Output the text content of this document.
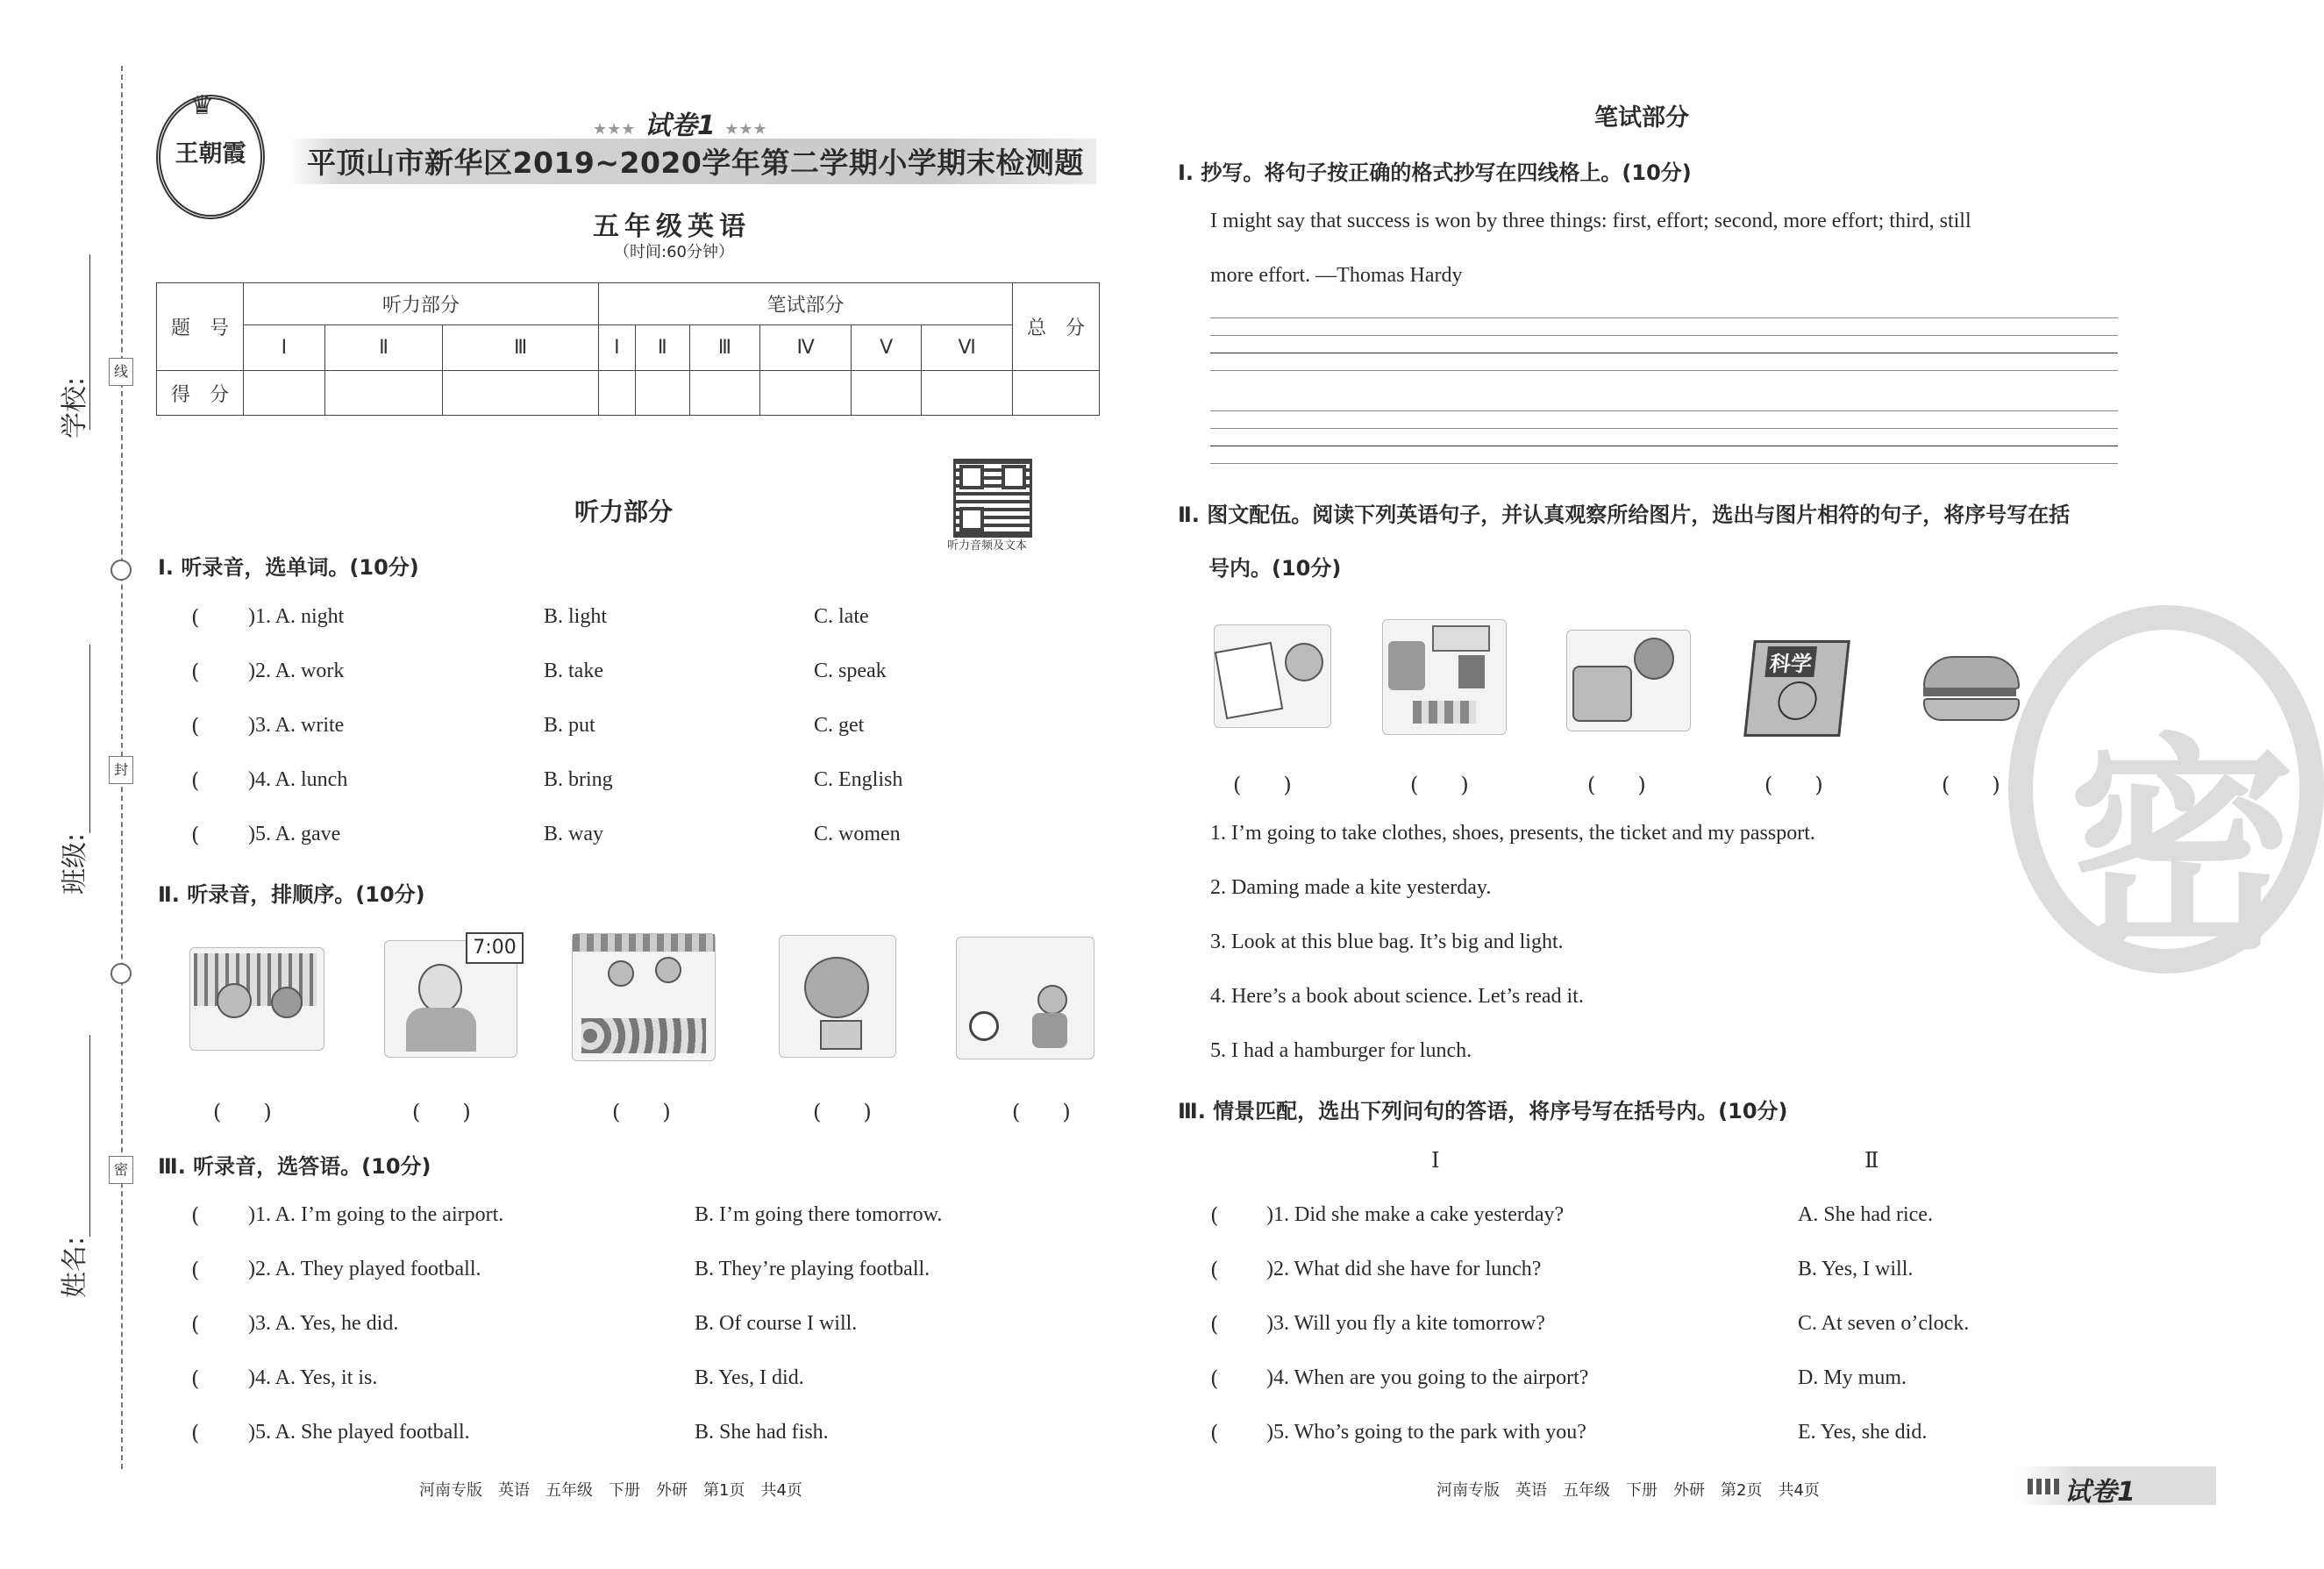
学校:
班级:
姓名:
线
封
密
♛
王朝霞
★★★ 试卷1 ★★★
平顶山市新华区2019~2020学年第二学期小学期末检测题
五年级英语
（时间:60分钟）
题　号	听力部分			笔试部分						总　分
	Ⅰ	Ⅱ	Ⅲ	Ⅰ	Ⅱ	Ⅲ	Ⅳ	Ⅴ	Ⅵ	
得　分										
听力音频及文本
听力部分
Ⅰ. 听录音，选单词。(10分)
( )1. A. night	B. light	C. late
( )2. A. work	B. take	C. speak
( )3. A. write	B. put	C. get
( )4. A. lunch	B. bring	C. English
( )5. A. gave	B. way	C. women
Ⅱ. 听录音，排顺序。(10分)
7:00
(　　)	(　　)	(　　)	(　　)	(　　)
Ⅲ. 听录音，选答语。(10分)
( )1. A. I’m going to the airport.	B. I’m going there tomorrow.
( )2. A. They played football.	B. They’re playing football.
( )3. A. Yes, he did.	B. Of course I will.
( )4. A. Yes, it is.	B. Yes, I did.
( )5. A. She played football.	B. She had fish.
河南专版　英语　五年级　下册　外研　第1页　共4页
密
笔试部分
Ⅰ. 抄写。将句子按正确的格式抄写在四线格上。(10分)
I might say that success is won by three things: first, effort; second, more effort; third, still
more effort. —Thomas Hardy
Ⅱ. 图文配伍。阅读下列英语句子，并认真观察所给图片，选出与图片相符的句子，将序号写在括
号内。(10分)
科学
(　　)	(　　)	(　　)	(　　)	(　　)
1. I’m going to take clothes, shoes, presents, the ticket and my passport.
2. Daming made a kite yesterday.
3. Look at this blue bag. It’s big and light.
4. Here’s a book about science. Let’s read it.
5. I had a hamburger for lunch.
Ⅲ. 情景匹配，选出下列问句的答语，将序号写在括号内。(10分)
Ⅰ	Ⅱ
( )1. Did she make a cake yesterday?	A. She had rice.
( )2. What did she have for lunch?	B. Yes, I will.
( )3. Will you fly a kite tomorrow?	C. At seven o’clock.
( )4. When are you going to the airport?	D. My mum.
( )5. Who’s going to the park with you?	E. Yes, she did.
河南专版　英语　五年级　下册　外研　第2页　共4页	试卷1
